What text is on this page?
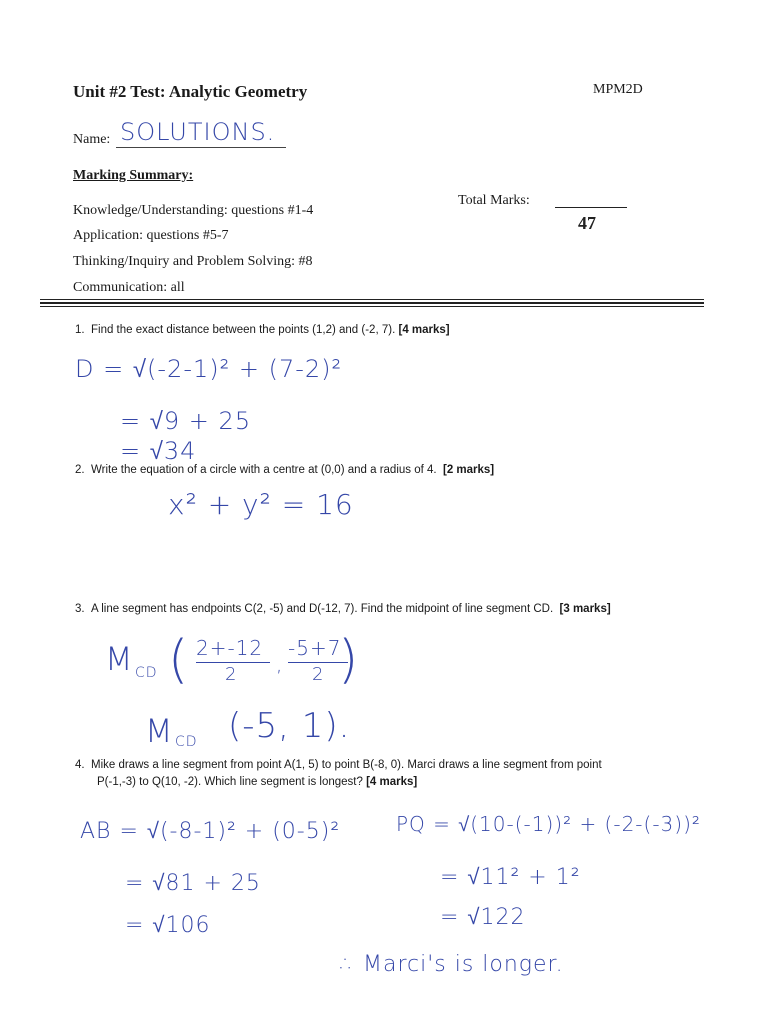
Unit #2 Test: Analytic Geometry	MPM2D
Name: SOLUTIONS.
Marking Summary:
Knowledge/Understanding: questions #1-4
Application: questions #5-7
Thinking/Inquiry and Problem Solving: #8
Communication: all
Total Marks:
47
1. Find the exact distance between the points (1,2) and (-2, 7). [4 marks]
D = √(-2-1)² + (7-2)²
= √9 + 25
= √34
2. Write the equation of a circle with a centre at (0,0) and a radius of 4. [2 marks]
x² + y² = 16
3. A line segment has endpoints C(2, -5) and D(-12, 7). Find the midpoint of line segment CD. [3 marks]
M CD ( 2+-12
2 ,
-5+7
2 )
M CD (-5, 1).
4. Mike draws a line segment from point A(1, 5) to point B(-8, 0). Marci draws a line segment from point
P(-1,-3) to Q(10, -2). Which line segment is longest? [4 marks]
AB = √(-8-1)² + (0-5)²
= √81 + 25
= √106
PQ = √(10-(-1))² + (-2-(-3))²
= √11² + 1²
= √122
∴ Marci's is longer.
